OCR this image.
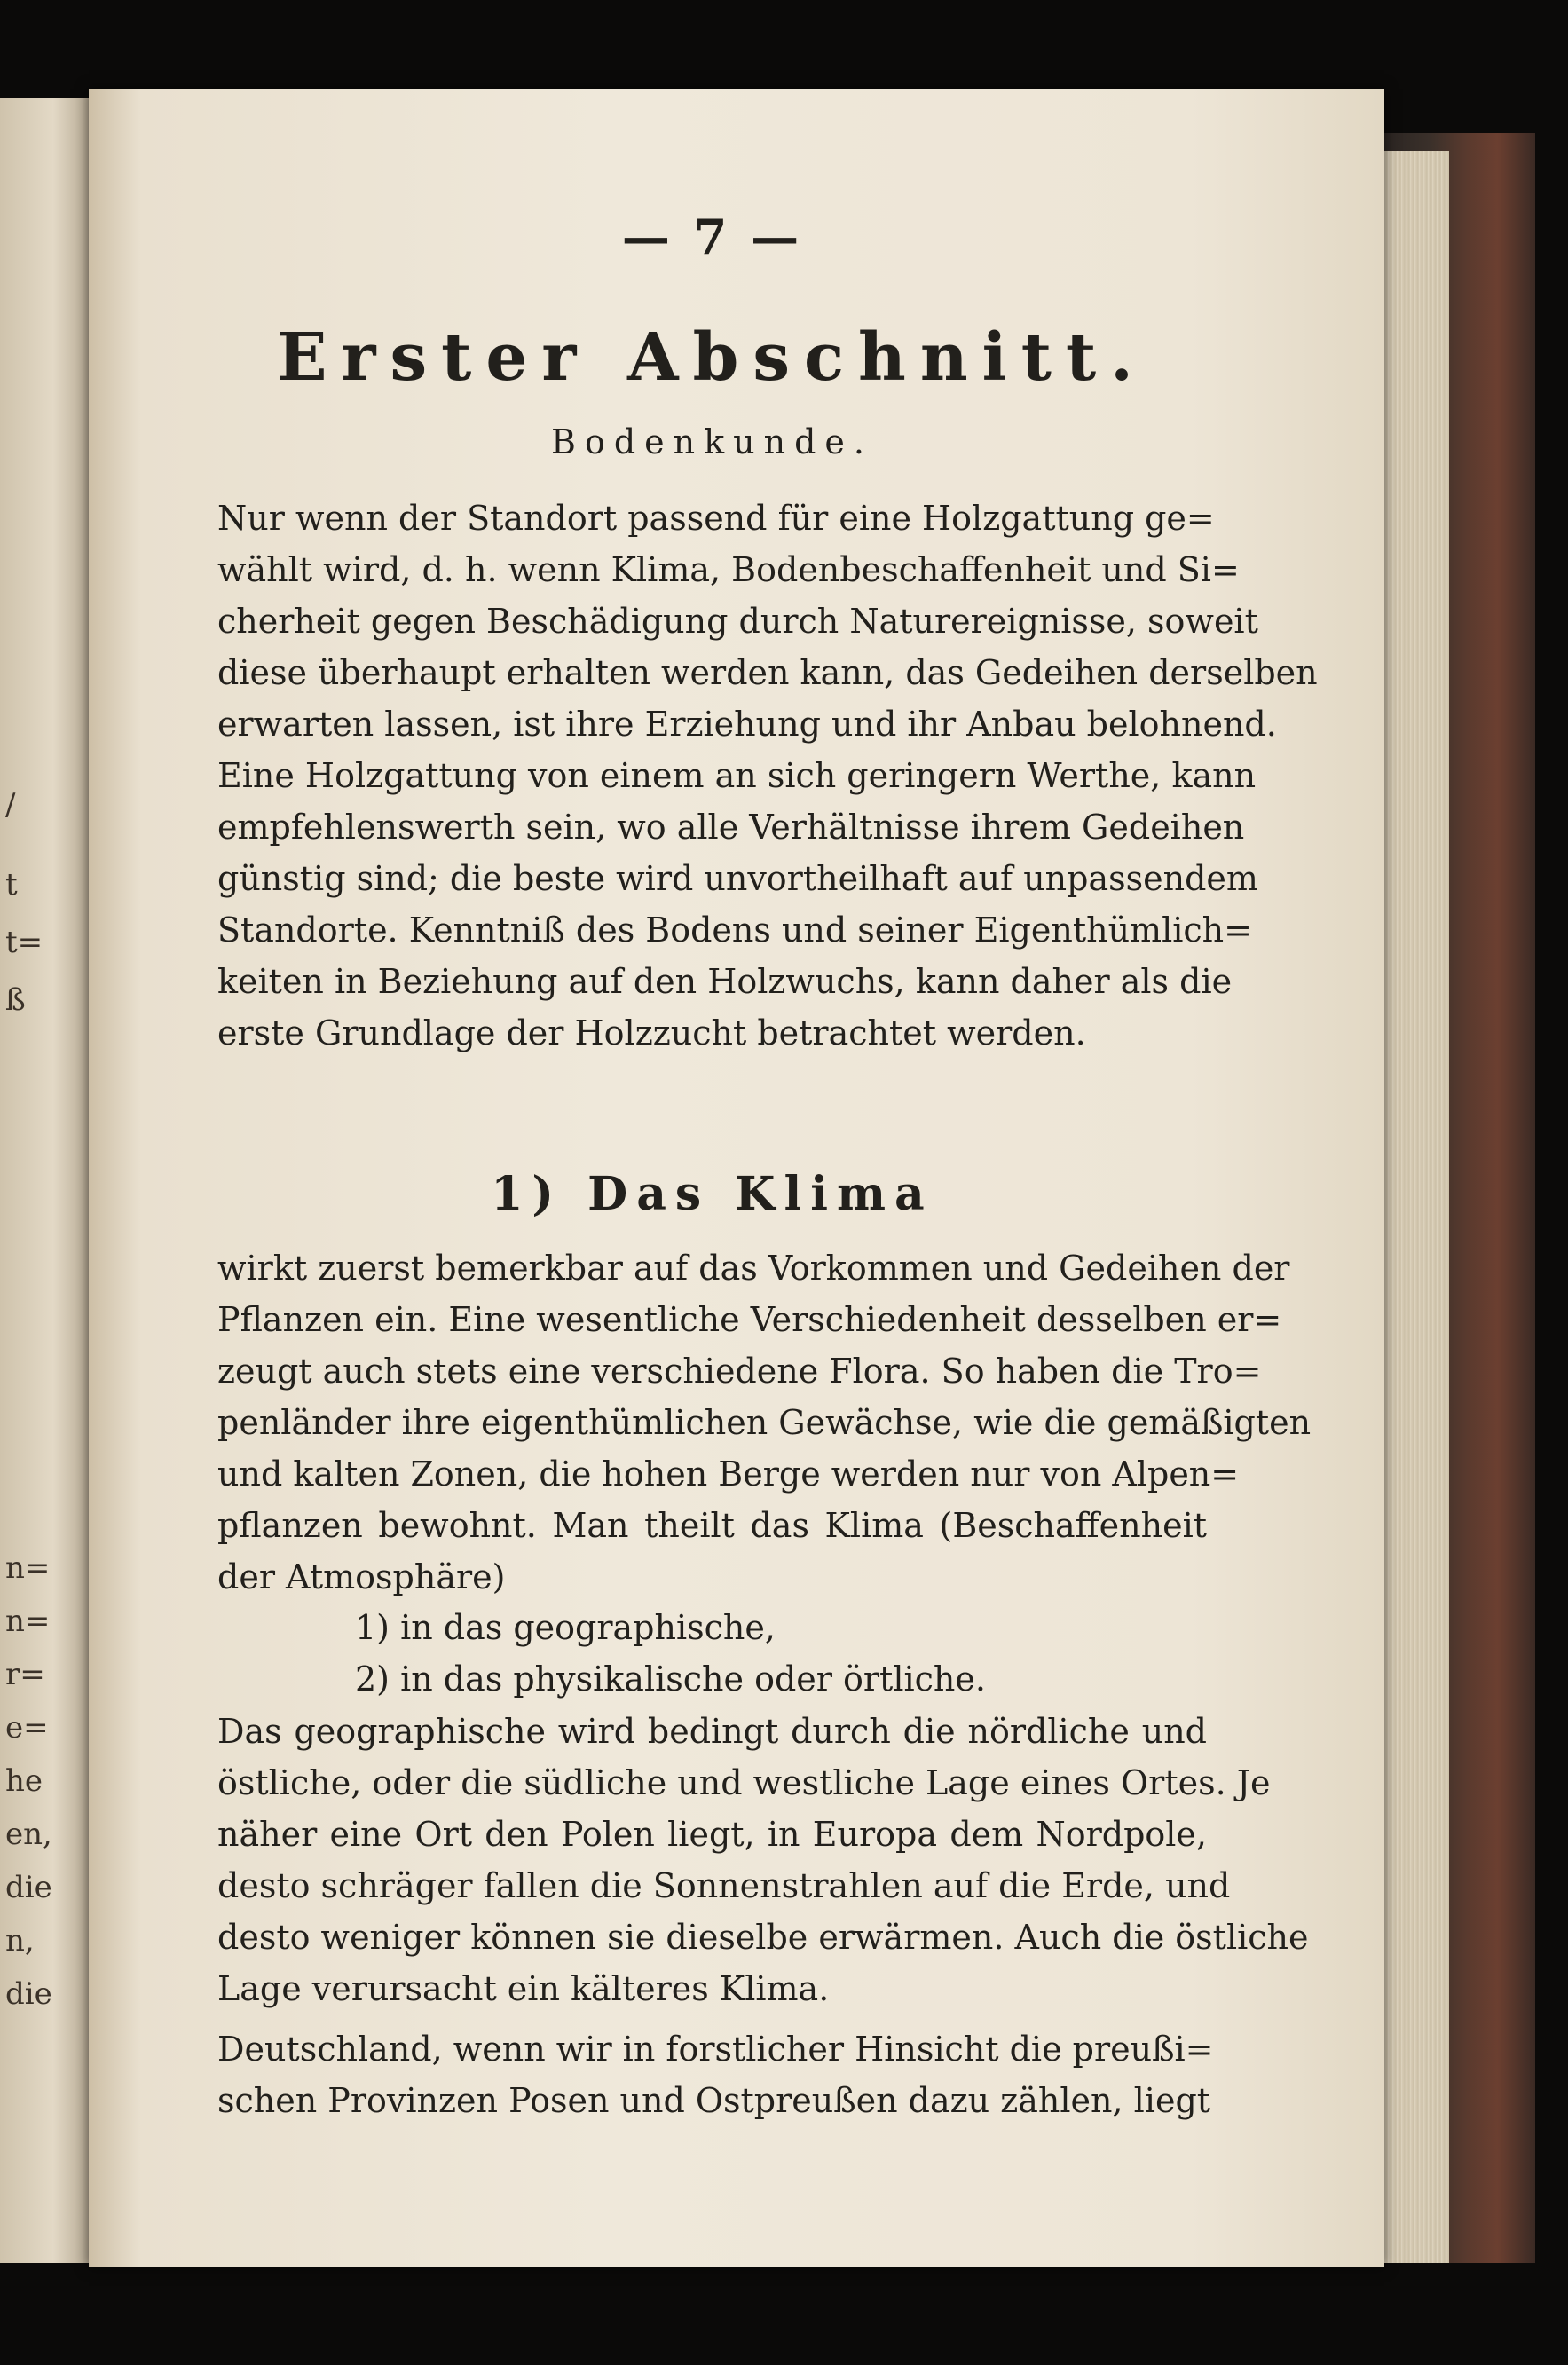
/
t
t=
ß
n=
n=
r=
e=
he
en,
die
n,
die
— 7 —
Erster Abschnitt.
Bodenkunde.
Nur wenn der Standort passend für eine Holzgattung ge=
wählt wird, d. h. wenn Klima, Bodenbeschaffenheit und Si=
cherheit gegen Beschädigung durch Naturereignisse, soweit
diese überhaupt erhalten werden kann, das Gedeihen derselben
erwarten lassen, ist ihre Erziehung und ihr Anbau belohnend.
Eine Holzgattung von einem an sich geringern Werthe, kann
empfehlenswerth sein, wo alle Verhältnisse ihrem Gedeihen
günstig sind; die beste wird unvortheilhaft auf unpassendem
Standorte. Kenntniß des Bodens und seiner Eigenthümlich=
keiten in Beziehung auf den Holzwuchs, kann daher als die
erste Grundlage der Holzzucht betrachtet werden.
1) Das Klima
wirkt zuerst bemerkbar auf das Vorkommen und Gedeihen der
Pflanzen ein. Eine wesentliche Verschiedenheit desselben er=
zeugt auch stets eine verschiedene Flora. So haben die Tro=
penländer ihre eigenthümlichen Gewächse, wie die gemäßigten
und kalten Zonen, die hohen Berge werden nur von Alpen=
pflanzen bewohnt. Man theilt das Klima (Beschaffenheit
der Atmosphäre)
1) in das geographische,
2) in das physikalische oder örtliche.
Das geographische wird bedingt durch die nördliche und
östliche, oder die südliche und westliche Lage eines Ortes. Je
näher eine Ort den Polen liegt, in Europa dem Nordpole,
desto schräger fallen die Sonnenstrahlen auf die Erde, und
desto weniger können sie dieselbe erwärmen. Auch die östliche
Lage verursacht ein kälteres Klima.
Deutschland, wenn wir in forstlicher Hinsicht die preußi=
schen Provinzen Posen und Ostpreußen dazu zählen, liegt
